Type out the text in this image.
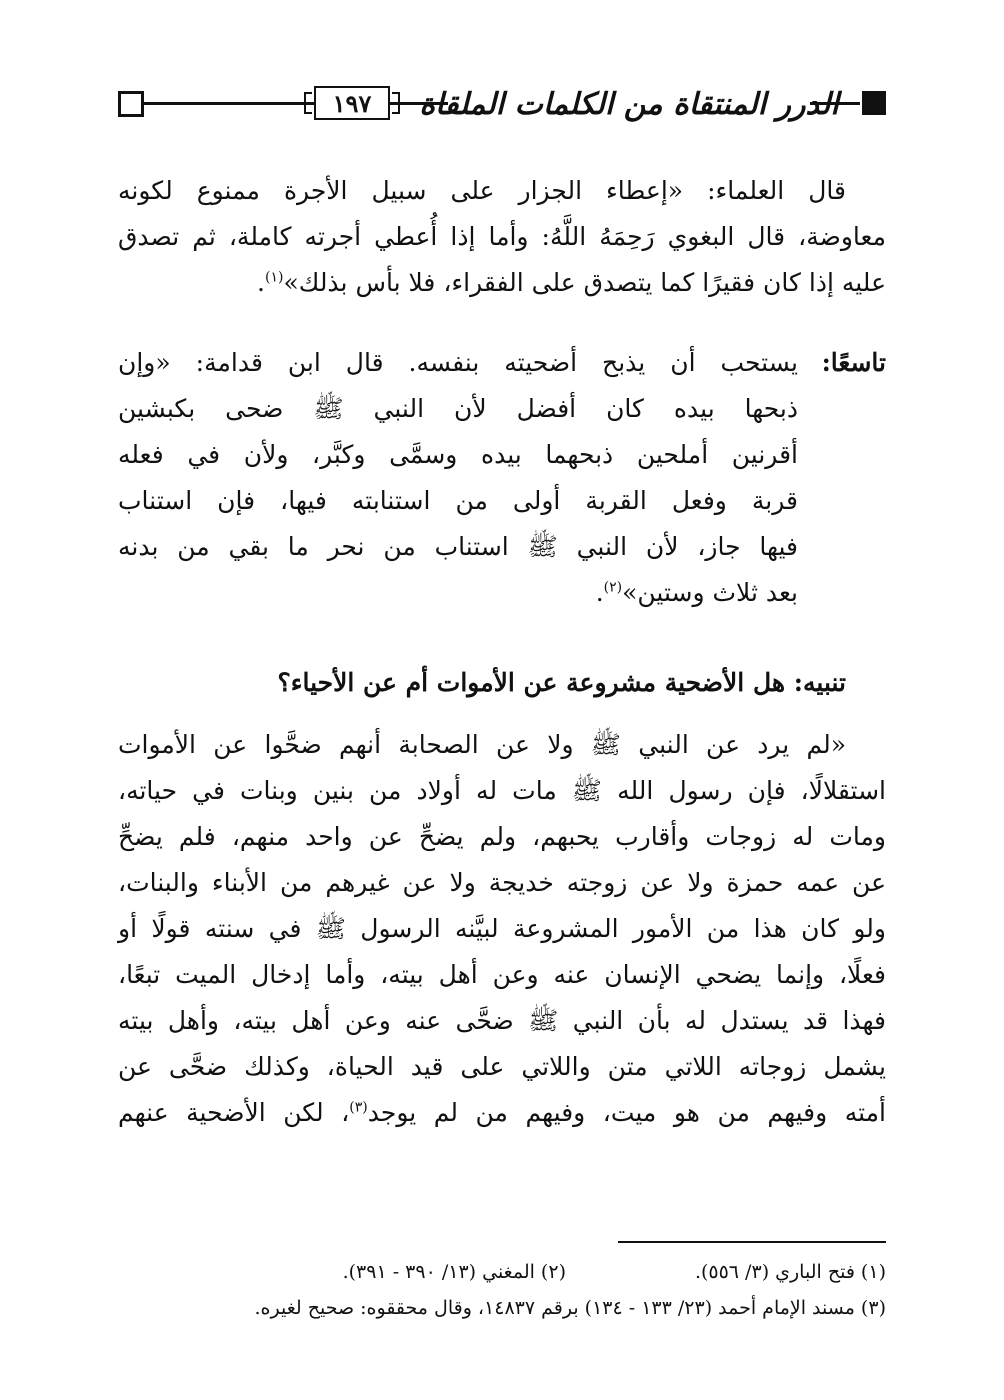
١٩٧	الدرر المنتقاة من الكلمات الملقاة
قال العلماء: «إعطاء الجزار على سبيل الأجرة ممنوع لكونه
معاوضة، قال البغوي رَحِمَهُ اللَّهُ: وأما إذا أُعطي أجرته كاملة، ثم تصدق
عليه إذا كان فقيرًا كما يتصدق على الفقراء، فلا بأس بذلك»$^{(١)}$.
تاسعًا:
يستحب أن يذبح أضحيته بنفسه. قال ابن قدامة: «وإن
ذبحها بيده كان أفضل لأن النبي ﷺ ضحى بكبشين
أقرنين أملحين ذبحهما بيده وسمَّى وكبَّر، ولأن في فعله
قربة وفعل القربة أولى من استنابته فيها، فإن استناب
فيها جاز، لأن النبي ﷺ استناب من نحر ما بقي من بدنه
بعد ثلاث وستين»$^{(٢)}$.
تنبيه: هل الأضحية مشروعة عن الأموات أم عن الأحياء؟
«لم يرد عن النبي ﷺ ولا عن الصحابة أنهم ضحَّوا عن الأموات
استقلالًا، فإن رسول الله ﷺ مات له أولاد من بنين وبنات في حياته،
ومات له زوجات وأقارب يحبهم، ولم يضحِّ عن واحد منهم، فلم يضحِّ
عن عمه حمزة ولا عن زوجته خديجة ولا عن غيرهم من الأبناء والبنات،
ولو كان هذا من الأمور المشروعة لبيَّنه الرسول ﷺ في سنته قولًا أو
فعلًا، وإنما يضحي الإنسان عنه وعن أهل بيته، وأما إدخال الميت تبعًا،
فهذا قد يستدل له بأن النبي ﷺ ضحَّى عنه وعن أهل بيته، وأهل بيته
يشمل زوجاته اللاتي متن واللاتي على قيد الحياة، وكذلك ضحَّى عن
أمته وفيهم من هو ميت، وفيهم من لم يوجد$^{(٣)}$، لكن الأضحية عنهم
(١) فتح الباري (٣/ ٥٥٦).
(٢) المغني (١٣/ ٣٩٠ - ٣٩١).
(٣) مسند الإمام أحمد (٢٣/ ١٣٣ - ١٣٤) برقم ١٤٨٣٧، وقال محققوه: صحيح لغيره.
